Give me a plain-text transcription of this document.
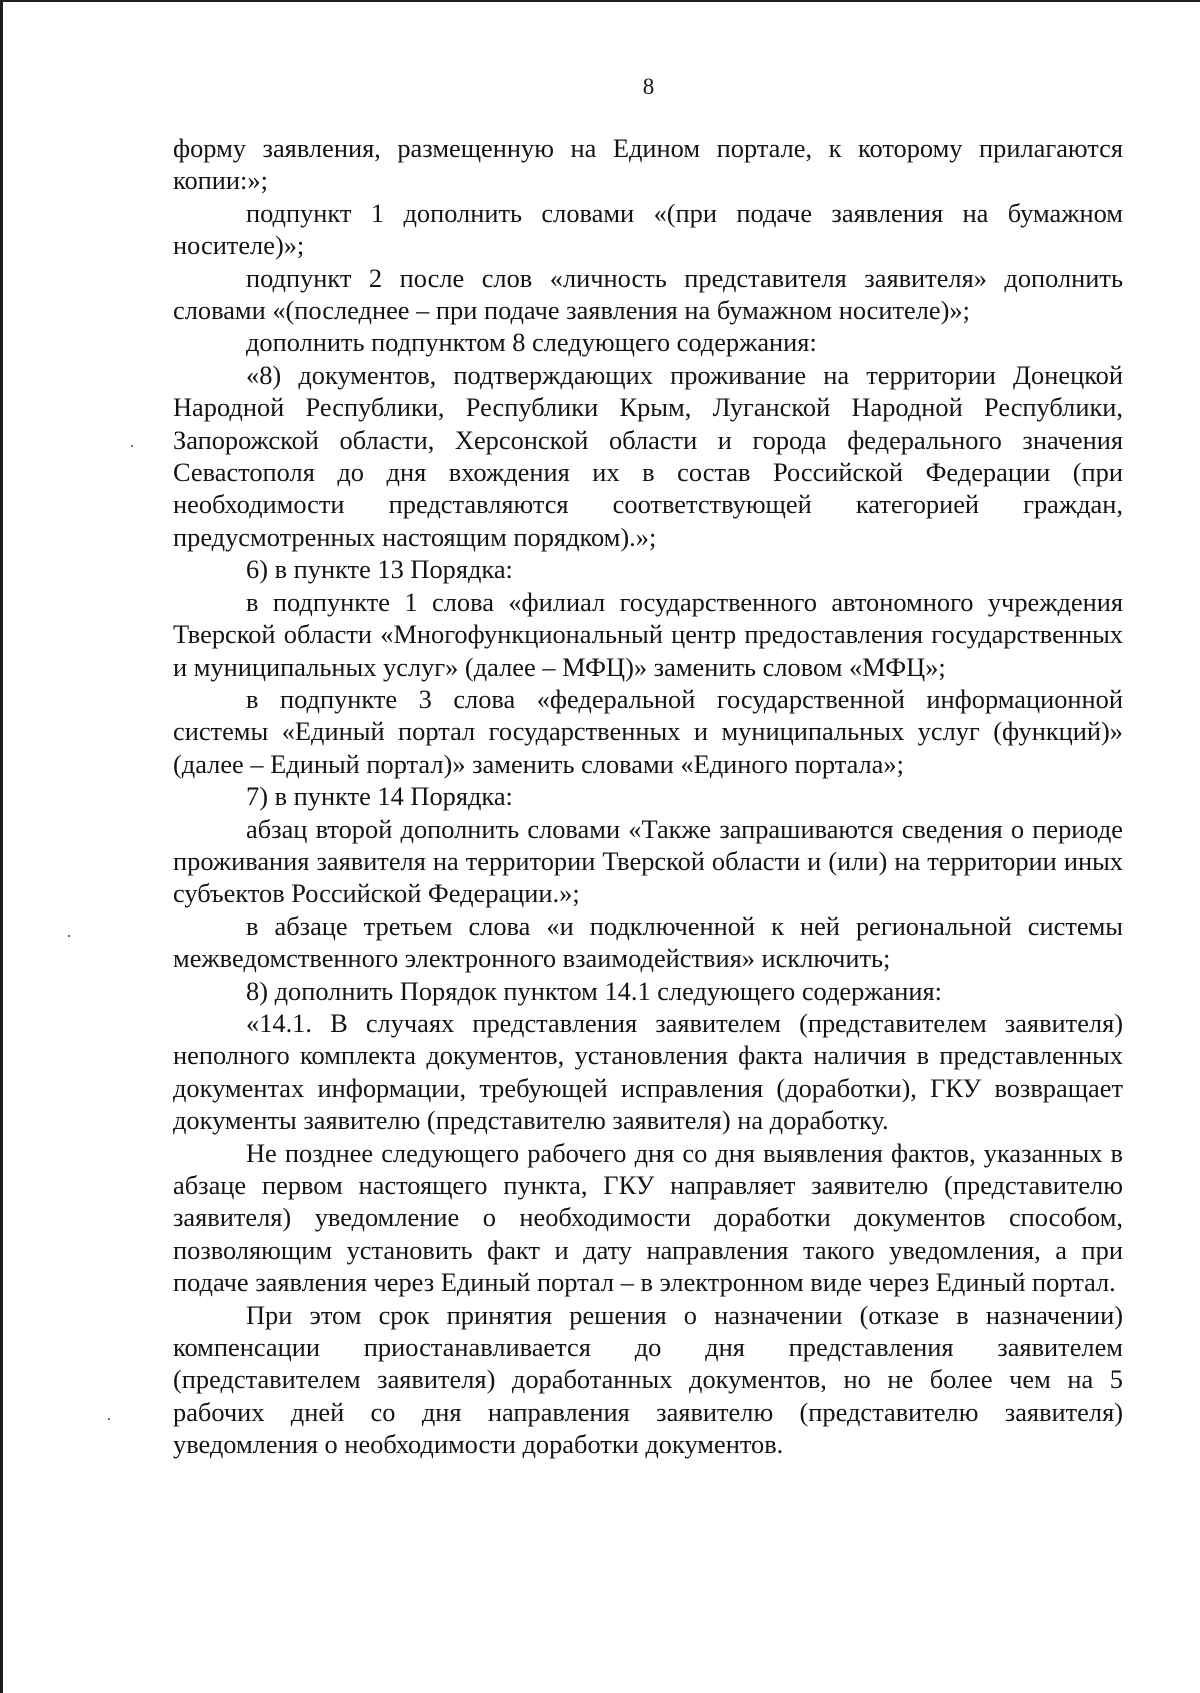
8

форму заявления, размещенную на Едином портале, к которому прилагаются копии:»;

подпункт 1 дополнить словами «(при подаче заявления на бумажном носителе)»;

подпункт 2 после слов «личность представителя заявителя» дополнить словами «(последнее – при подаче заявления на бумажном носителе)»;

дополнить подпунктом 8 следующего содержания:

«8) документов, подтверждающих проживание на территории Донецкой Народной Республики, Республики Крым, Луганской Народной Республики, Запорожской области, Херсонской области и города федерального значения Севастополя до дня вхождения их в состав Российской Федерации (при необходимости представляются соответствующей категорией граждан, предусмотренных настоящим порядком).»;

6) в пункте 13 Порядка:

в подпункте 1 слова «филиал государственного автономного учреждения Тверской области «Многофункциональный центр предоставления государственных и муниципальных услуг» (далее – МФЦ)» заменить словом «МФЦ»;

в подпункте 3 слова «федеральной государственной информационной системы «Единый портал государственных и муниципальных услуг (функций)» (далее – Единый портал)» заменить словами «Единого портала»;

7) в пункте 14 Порядка:

абзац второй дополнить словами «Также запрашиваются сведения о периоде проживания заявителя на территории Тверской области и (или) на территории иных субъектов Российской Федерации.»;

в абзаце третьем слова «и подключенной к ней региональной системы межведомственного электронного взаимодействия» исключить;

8) дополнить Порядок пунктом 14.1 следующего содержания:

«14.1. В случаях представления заявителем (представителем заявителя) неполного комплекта документов, установления факта наличия в представленных документах информации, требующей исправления (доработки), ГКУ возвращает документы заявителю (представителю заявителя) на доработку.

Не позднее следующего рабочего дня со дня выявления фактов, указанных в абзаце первом настоящего пункта, ГКУ направляет заявителю (представителю заявителя) уведомление о необходимости доработки документов способом, позволяющим установить факт и дату направления такого уведомления, а при подаче заявления через Единый портал – в электронном виде через Единый портал.

При этом срок принятия решения о назначении (отказе в назначении) компенсации приостанавливается до дня представления заявителем (представителем заявителя) доработанных документов, но не более чем на 5 рабочих дней со дня направления заявителю (представителю заявителя) уведомления о необходимости доработки документов.
